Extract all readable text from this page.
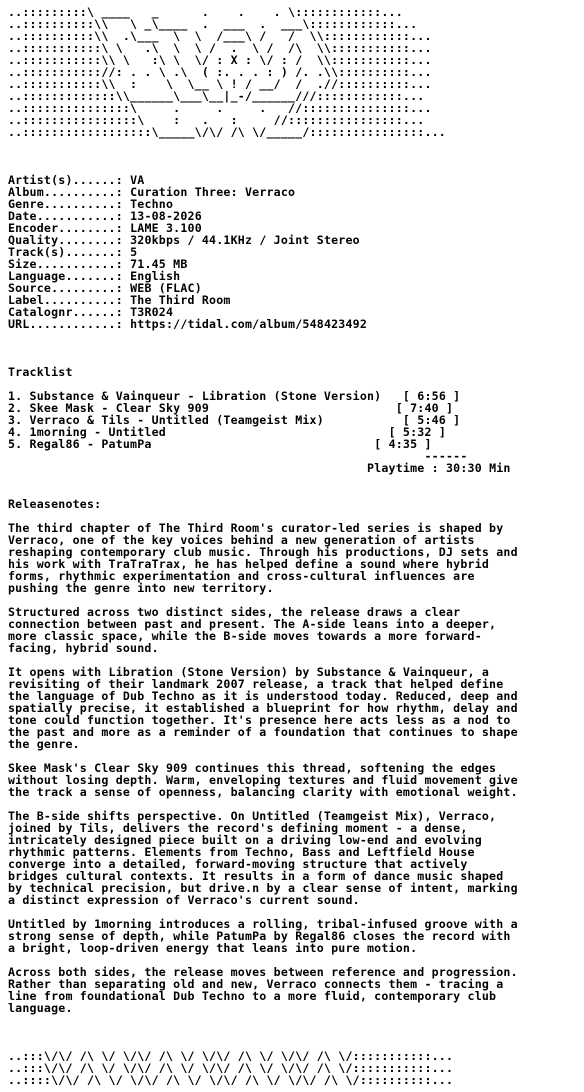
..:::::::::\ ____   _      .    .    . \::::::::::::...
..::::::::::\\   \ _\____  .  ___  .  ___\::::::::::::...
..::::::::::\\  .\___  \  \  /___\ /   /  \\::::::::::::...
..:::::::::::\ \   .\  \  \ /  .  \ /  /\  \\:::::::::::...
..:::::::::::\\ \   :\ \  \/ : X : \/ : /  \\:::::::::::...
..::::::::::://: . . \ .\  ( :. . . : ) /. .\\::::::::::...
..:::::::::::\\  :    \  \__ \ ! / __/  /  .//::::::::::...
..:::::::::::::\\______\___\__|_-/______///::::::::::::...
..:::::::::::::::\     .     .     .   //:::::::::::::::...
..::::::::::::::::\    :   .   :     //::::::::::::::::...
..::::::::::::::::::\_____\/\/ /\ \/_____/::::::::::::::::...

Artist(s)......: VA
Album..........: Curation Three: Verraco
Genre..........: Techno
Date...........: 13-08-2026
Encoder........: LAME 3.100
Quality........: 320kbps / 44.1KHz / Joint Stereo
Track(s).......: 5
Size...........: 71.45 MB
Language.......: English
Source.........: WEB (FLAC)
Label..........: The Third Room
Catalognr......: T3R024
URL............: https://tidal.com/album/548423492

Tracklist

1. Substance & Vainqueur - Libration (Stone Version) [ 6:56 ]
2. Skee Mask - Clear Sky 909	[ 7:40 ]
3. Verraco & Tils - Untitled (Teamgeist Mix)	[ 5:46 ]
4. 1morning - Untitled	[ 5:32 ]
5. Regal86 - PatumPa	[ 4:35 ]
------
Playtime : 30:30 Min

Releasenotes:

The third chapter of The Third Room's curator-led series is shaped by
Verraco, one of the key voices behind a new generation of artists
reshaping contemporary club music. Through his productions, DJ sets and
his work with TraTraTrax, he has helped define a sound where hybrid
forms, rhythmic experimentation and cross-cultural influences are
pushing the genre into new territory.

Structured across two distinct sides, the release draws a clear
connection between past and present. The A-side leans into a deeper,
more classic space, while the B-side moves towards a more forward-
facing, hybrid sound.

It opens with Libration (Stone Version) by Substance & Vainqueur, a
revisiting of their landmark 2007 release, a track that helped define
the language of Dub Techno as it is understood today. Reduced, deep and
spatially precise, it established a blueprint for how rhythm, delay and
tone could function together. It's presence here acts less as a nod to
the past and more as a reminder of a foundation that continues to shape
the genre.

Skee Mask's Clear Sky 909 continues this thread, softening the edges
without losing depth. Warm, enveloping textures and fluid movement give
the track a sense of openness, balancing clarity with emotional weight.

The B-side shifts perspective. On Untitled (Teamgeist Mix), Verraco,
joined by Tils, delivers the record's defining moment - a dense,
intricately designed piece built on a driving low-end and evolving
rhythmic patterns. Elements from Techno, Bass and Leftfield House
converge into a detailed, forward-moving structure that actively
bridges cultural contexts. It results in a form of dance music shaped
by technical precision, but drive.n by a clear sense of intent, marking
a distinct expression of Verraco's current sound.

Untitled by 1morning introduces a rolling, tribal-infused groove with a
strong sense of depth, while PatumPa by Regal86 closes the record with
a bright, loop-driven energy that leans into pure motion.

Across both sides, the release moves between reference and progression.
Rather than separating old and new, Verraco connects them - tracing a
line from foundational Dub Techno to a more fluid, contemporary club
language.

..:::\/\/ /\ \/ \/\/ /\ \/ \/\/ /\ \/ \/\/ /\ \/:::::::::::...
..:::\/\/ /\ \/ \/\/ /\ \/ \/\/ /\ \/ \/\/ /\ \/:::::::::::...
..::::\/\/ /\ \/ \/\/ /\ \/ \/\/ /\ \/ \/\/ /\ \/::::::::::...
